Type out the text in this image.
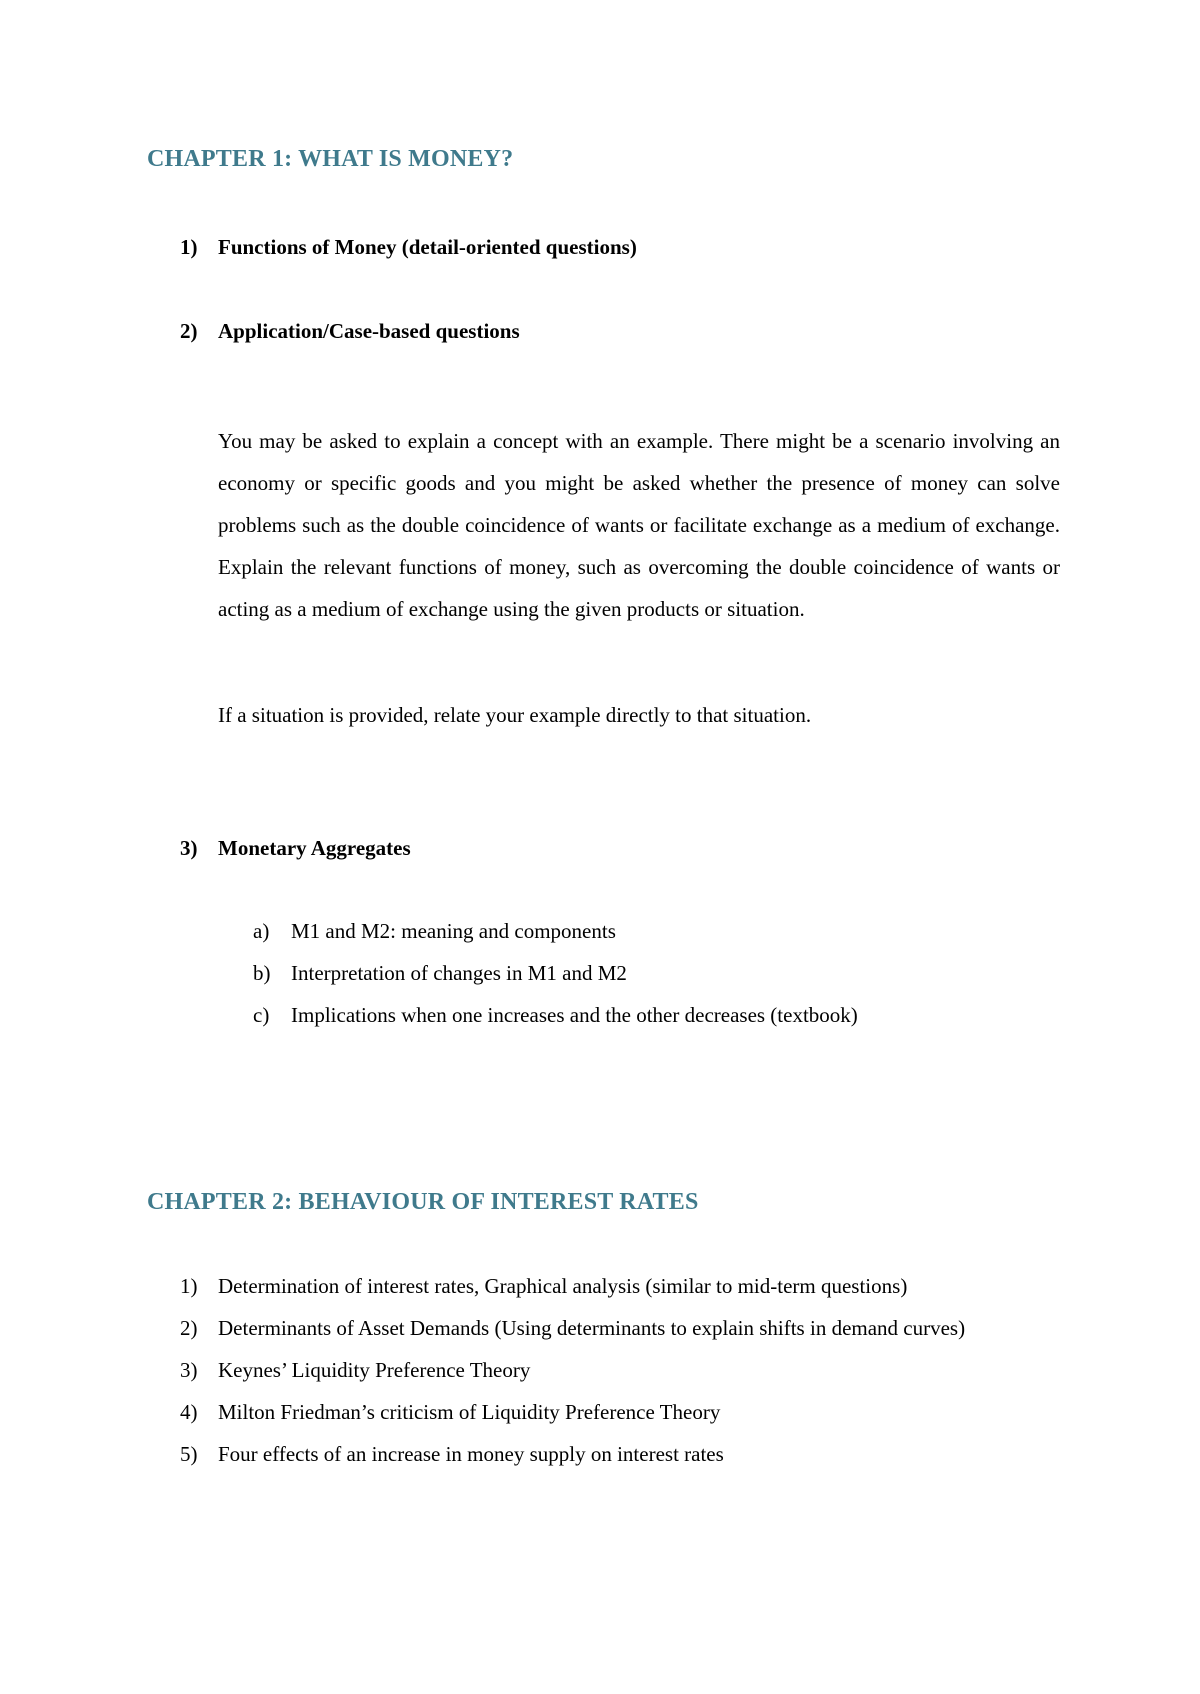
CHAPTER 1: WHAT IS MONEY?
1) Functions of Money (detail-oriented questions)
2) Application/Case-based questions

You may be asked to explain a concept with an example. There might be a scenario involving an economy or specific goods and you might be asked whether the presence of money can solve problems such as the double coincidence of wants or facilitate exchange as a medium of exchange. Explain the relevant functions of money, such as overcoming the double coincidence of wants or acting as a medium of exchange using the given products or situation.

If a situation is provided, relate your example directly to that situation.

3) Monetary Aggregates
a) M1 and M2: meaning and components
b) Interpretation of changes in M1 and M2
c) Implications when one increases and the other decreases (textbook)
CHAPTER 2: BEHAVIOUR OF INTEREST RATES
1) Determination of interest rates, Graphical analysis (similar to mid-term questions)
2) Determinants of Asset Demands (Using determinants to explain shifts in demand curves)
3) Keynes’ Liquidity Preference Theory
4) Milton Friedman’s criticism of Liquidity Preference Theory
5) Four effects of an increase in money supply on interest rates
